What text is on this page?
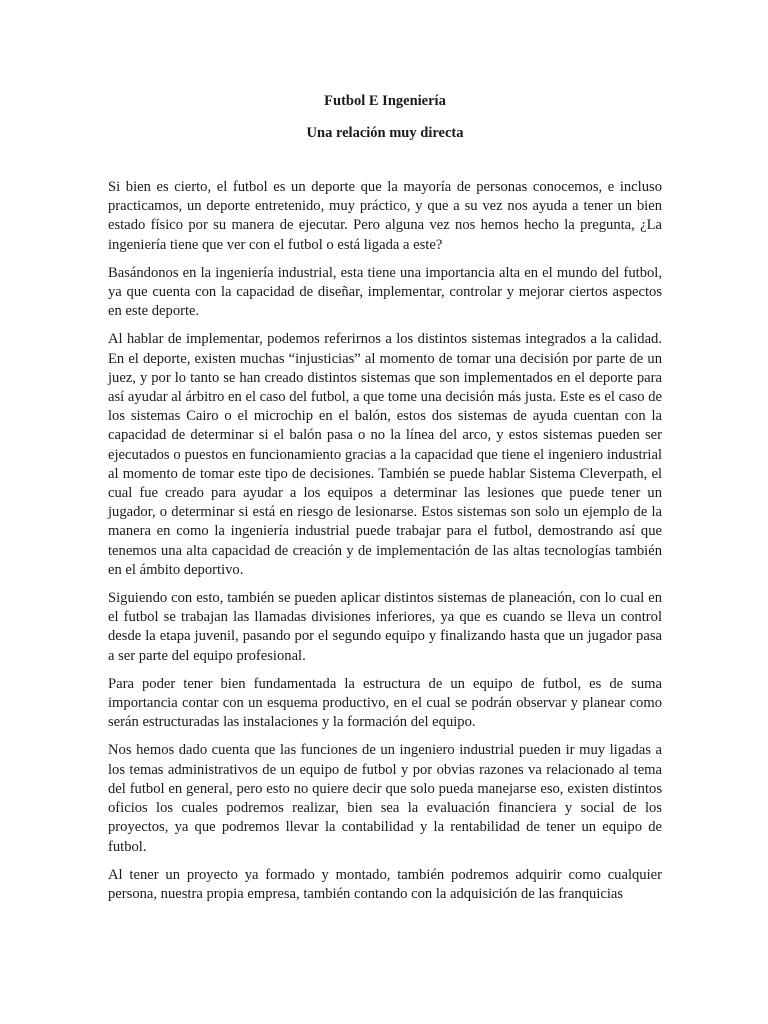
Futbol E Ingeniería
Una relación muy directa

Si bien es cierto, el futbol es un deporte que la mayoría de personas conocemos, e incluso practicamos, un deporte entretenido, muy práctico, y que a su vez nos ayuda a tener un bien estado físico por su manera de ejecutar. Pero alguna vez nos hemos hecho la pregunta, ¿La ingeniería tiene que ver con el futbol o está ligada a este?

Basándonos en la ingeniería industrial, esta tiene una importancia alta en el mundo del futbol, ya que cuenta con la capacidad de diseñar, implementar, controlar y mejorar ciertos aspectos en este deporte.

Al hablar de implementar, podemos referirnos a los distintos sistemas integrados a la calidad. En el deporte, existen muchas “injusticias” al momento de tomar una decisión por parte de un juez, y por lo tanto se han creado distintos sistemas que son implementados en el deporte para así ayudar al árbitro en el caso del futbol, a que tome una decisión más justa. Este es el caso de los sistemas Cairo o el microchip en el balón, estos dos sistemas de ayuda cuentan con la capacidad de determinar si el balón pasa o no la línea del arco, y estos sistemas pueden ser ejecutados o puestos en funcionamiento gracias a la capacidad que tiene el ingeniero industrial al momento de tomar este tipo de decisiones. También se puede hablar Sistema Cleverpath, el cual fue creado para ayudar a los equipos a determinar las lesiones que puede tener un jugador, o determinar si está en riesgo de lesionarse. Estos sistemas son solo un ejemplo de la manera en como la ingeniería industrial puede trabajar para el futbol, demostrando así que tenemos una alta capacidad de creación y de implementación de las altas tecnologías también en el ámbito deportivo.

Siguiendo con esto, también se pueden aplicar distintos sistemas de planeación, con lo cual en el futbol se trabajan las llamadas divisiones inferiores, ya que es cuando se lleva un control desde la etapa juvenil, pasando por el segundo equipo y finalizando hasta que un jugador pasa a ser parte del equipo profesional.

Para poder tener bien fundamentada la estructura de un equipo de futbol, es de suma importancia contar con un esquema productivo, en el cual se podrán observar y planear como serán estructuradas las instalaciones y la formación del equipo.

Nos hemos dado cuenta que las funciones de un ingeniero industrial pueden ir muy ligadas a los temas administrativos de un equipo de futbol y por obvias razones va relacionado al tema del futbol en general, pero esto no quiere decir que solo pueda manejarse eso, existen distintos oficios los cuales podremos realizar, bien sea la evaluación financiera y social de los proyectos, ya que podremos llevar la contabilidad y la rentabilidad de tener un equipo de futbol.

Al tener un proyecto ya formado y montado, también podremos adquirir como cualquier persona, nuestra propia empresa, también contando con la adquisición de las franquicias
